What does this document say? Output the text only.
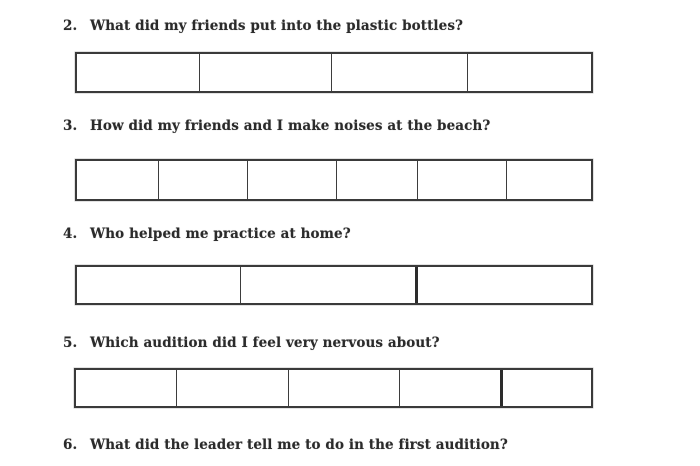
2. What did my friends put into the plastic bottles?
3. How did my friends and I make noises at the beach?
4. Who helped me practice at home?
5. Which audition did I feel very nervous about?
6. What did the leader tell me to do in the first audition?
